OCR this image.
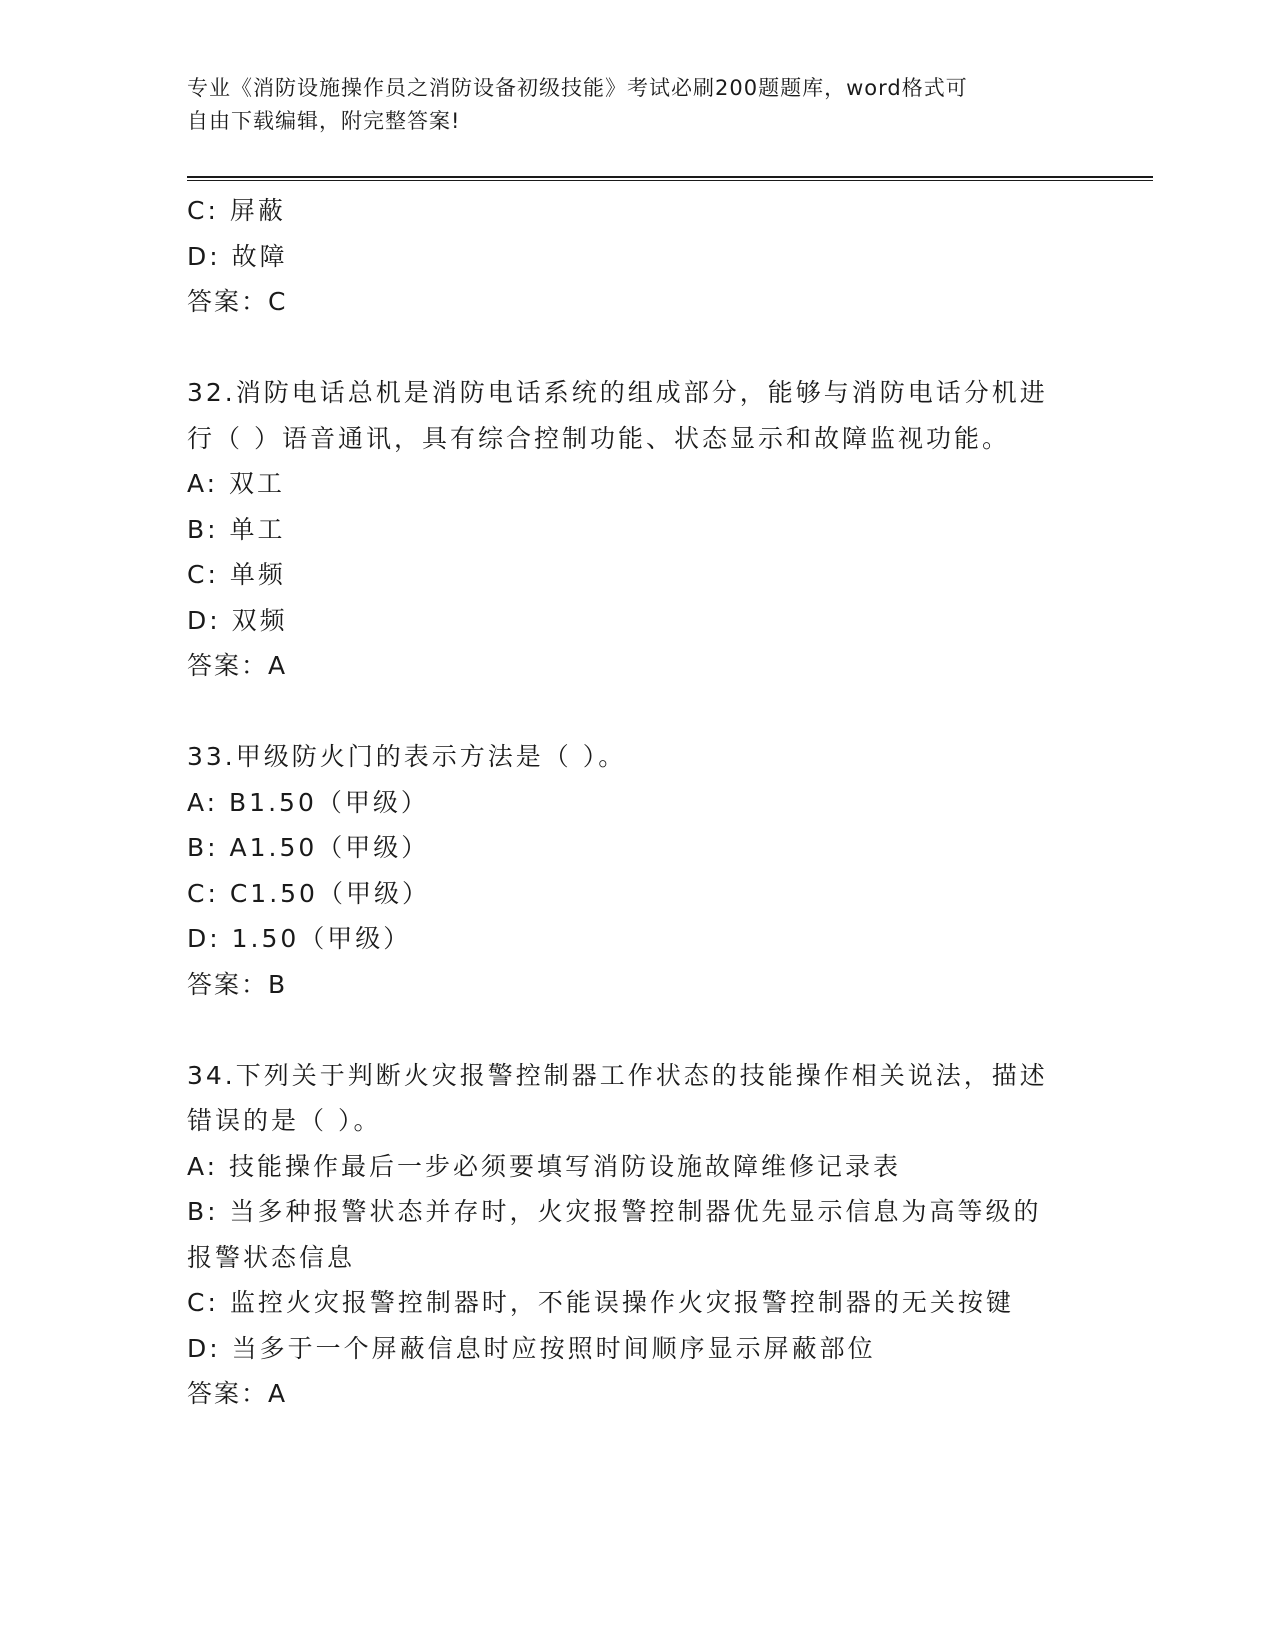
专业《消防设施操作员之消防设备初级技能》考试必刷200题题库，word格式可
自由下载编辑，附完整答案!
C: 屏蔽
D: 故障
答案：C
32.消防电话总机是消防电话系统的组成部分，能够与消防电话分机进
行（ ）语音通讯，具有综合控制功能、状态显示和故障监视功能。
A: 双工
B: 单工
C: 单频
D: 双频
答案：A
33.甲级防火门的表示方法是（ ）。
A: B1.50（甲级）
B: A1.50（甲级）
C: C1.50（甲级）
D: 1.50（甲级）
答案：B
34.下列关于判断火灾报警控制器工作状态的技能操作相关说法，描述
错误的是（ ）。
A: 技能操作最后一步必须要填写消防设施故障维修记录表
B: 当多种报警状态并存时，火灾报警控制器优先显示信息为高等级的
报警状态信息
C: 监控火灾报警控制器时，不能误操作火灾报警控制器的无关按键
D: 当多于一个屏蔽信息时应按照时间顺序显示屏蔽部位
答案：A
